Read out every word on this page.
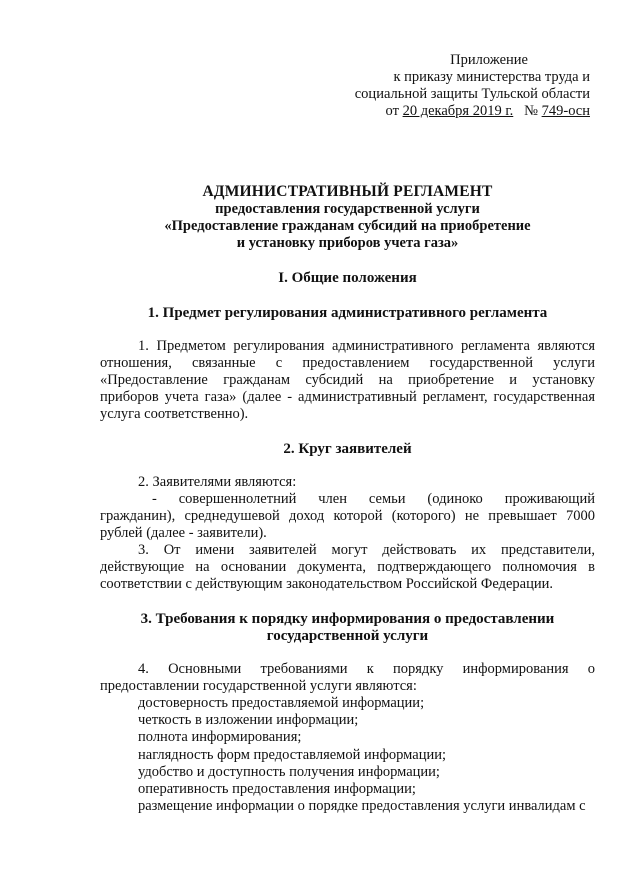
Приложение
к приказу министерства труда и
социальной защиты Тульской области
от 20 декабря 2019 г. № 749-осн
АДМИНИСТРАТИВНЫЙ РЕГЛАМЕНТ
предоставления государственной услуги
«Предоставление гражданам субсидий на приобретение
и установку приборов учета газа»
I. Общие положения
1. Предмет регулирования административного регламента
1. Предметом регулирования административного регламента являются
отношения, связанные с предоставлением государственной услуги
«Предоставление гражданам субсидий на приобретение и установку
приборов учета газа» (далее - административный регламент, государственная
услуга соответственно).
2. Круг заявителей
2. Заявителями являются:
- совершеннолетний член семьи (одиноко проживающий
гражданин), среднедушевой доход которой (которого) не превышает 7000
рублей (далее - заявители).
3. От имени заявителей могут действовать их представители,
действующие на основании документа, подтверждающего полномочия в
соответствии с действующим законодательством Российской Федерации.
3. Требования к порядку информирования о предоставлении
государственной услуги
4. Основными требованиями к порядку информирования о
предоставлении государственной услуги являются:
достоверность предоставляемой информации;
четкость в изложении информации;
полнота информирования;
наглядность форм предоставляемой информации;
удобство и доступность получения информации;
оперативность предоставления информации;
размещение информации о порядке предоставления услуги инвалидам с
